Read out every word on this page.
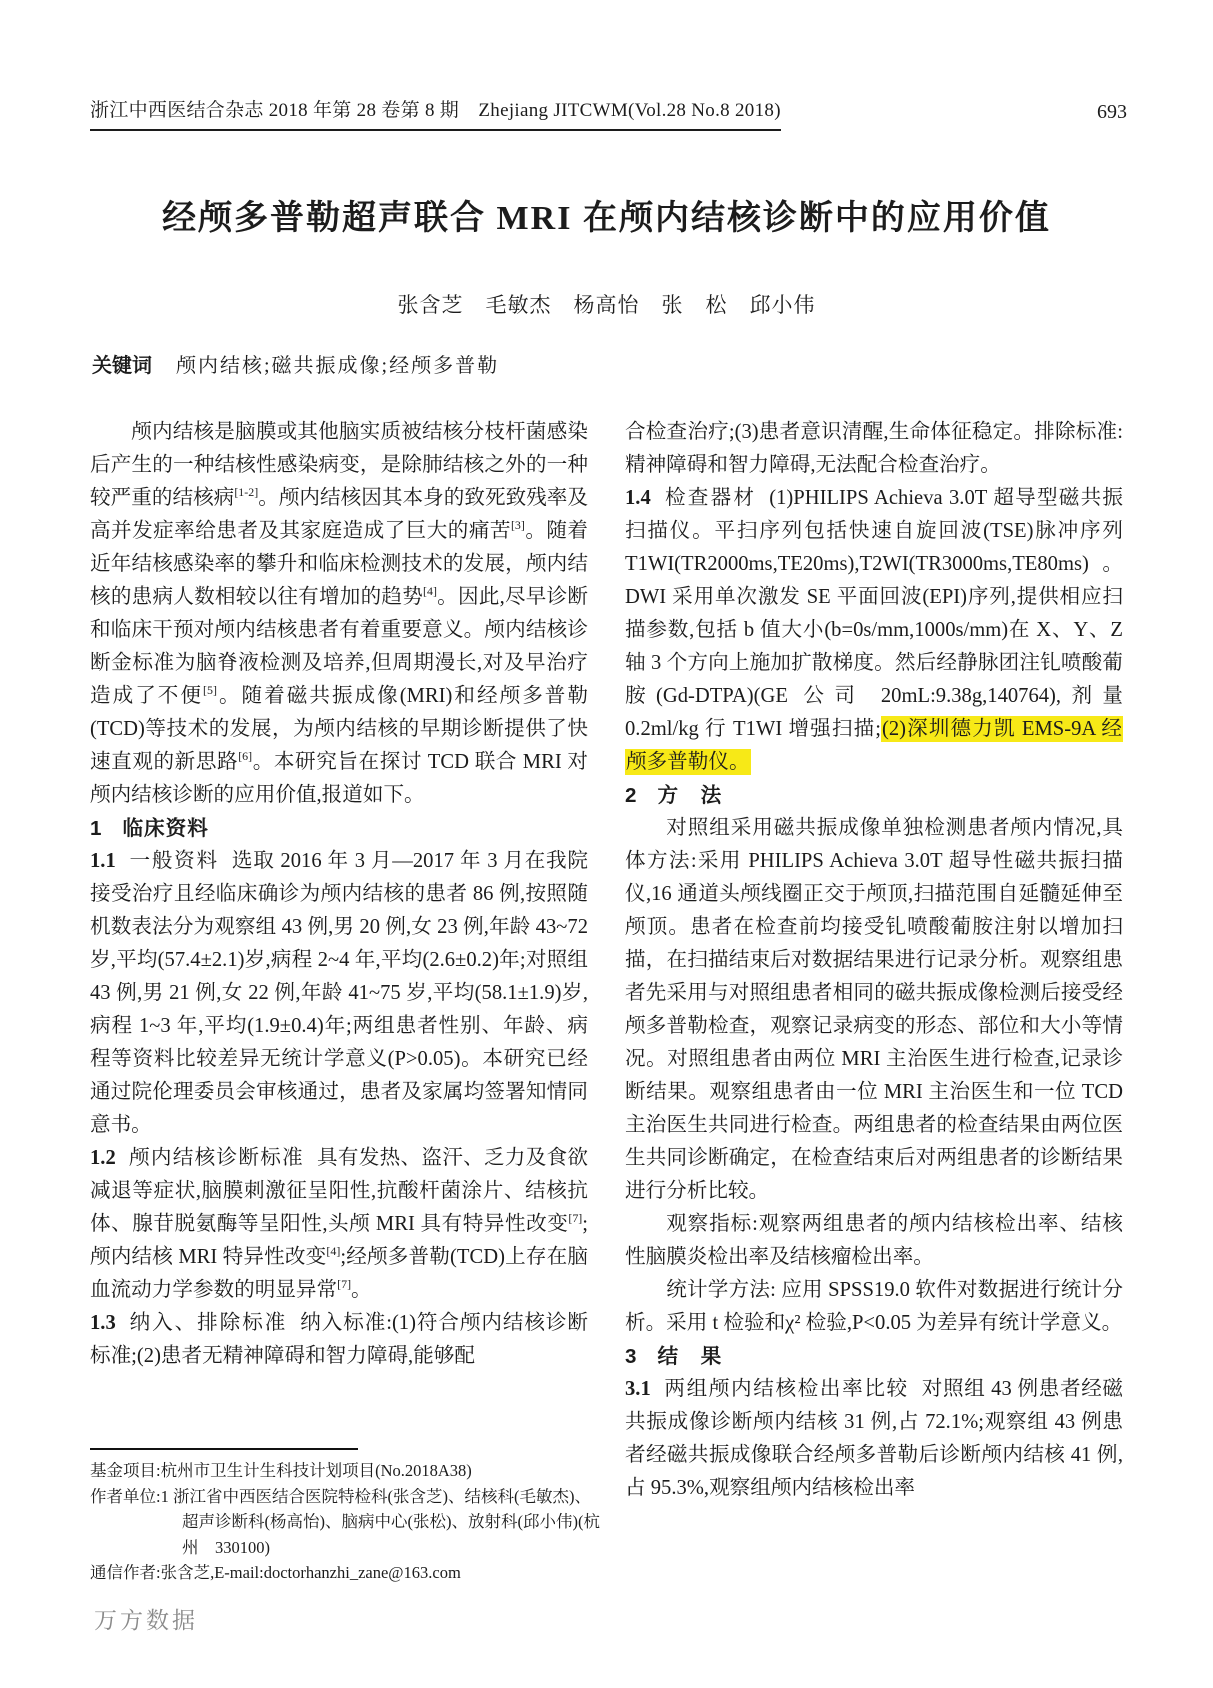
浙江中西医结合杂志 2018 年第 28 卷第 8 期　Zhejiang JITCWM(Vol.28 No.8 2018)	693
经颅多普勒超声联合 MRI 在颅内结核诊断中的应用价值
张含芝　毛敏杰　杨高怡　张　松　邱小伟
关键词 颅内结核;磁共振成像;经颅多普勒

颅内结核是脑膜或其他脑实质被结核分枝杆菌感染后产生的一种结核性感染病变，是除肺结核之外的一种较严重的结核病[1-2]。颅内结核因其本身的致死致残率及高并发症率给患者及其家庭造成了巨大的痛苦[3]。随着近年结核感染率的攀升和临床检测技术的发展，颅内结核的患病人数相较以往有增加的趋势[4]。因此,尽早诊断和临床干预对颅内结核患者有着重要意义。颅内结核诊断金标准为脑脊液检测及培养,但周期漫长,对及早治疗造成了不便[5]。随着磁共振成像(MRI)和经颅多普勒(TCD)等技术的发展，为颅内结核的早期诊断提供了快速直观的新思路[6]。本研究旨在探讨 TCD 联合 MRI 对颅内结核诊断的应用价值,报道如下。

1 临床资料

1.1 一般资料 选取 2016 年 3 月—2017 年 3 月在我院接受治疗且经临床确诊为颅内结核的患者 86 例,按照随机数表法分为观察组 43 例,男 20 例,女 23 例,年龄 43~72 岁,平均(57.4±2.1)岁,病程 2~4 年,平均(2.6±0.2)年;对照组 43 例,男 21 例,女 22 例,年龄 41~75 岁,平均(58.1±1.9)岁,病程 1~3 年,平均(1.9±0.4)年;两组患者性别、年龄、病程等资料比较差异无统计学意义(P>0.05)。本研究已经通过院伦理委员会审核通过，患者及家属均签署知情同意书。

1.2 颅内结核诊断标准 具有发热、盗汗、乏力及食欲减退等症状,脑膜刺激征呈阳性,抗酸杆菌涂片、结核抗体、腺苷脱氨酶等呈阳性,头颅 MRI 具有特异性改变[7];颅内结核 MRI 特异性改变[4];经颅多普勒(TCD)上存在脑血流动力学参数的明显异常[7]。

1.3 纳入、排除标准 纳入标准:(1)符合颅内结核诊断标准;(2)患者无精神障碍和智力障碍,能够配

合检查治疗;(3)患者意识清醒,生命体征稳定。排除标准:精神障碍和智力障碍,无法配合检查治疗。

1.4 检查器材 (1)PHILIPS Achieva 3.0T 超导型磁共振扫描仪。平扫序列包括快速自旋回波(TSE)脉冲序列 T1WI(TR2000ms,TE20ms),T2WI(TR3000ms,TE80ms)。DWI 采用单次激发 SE 平面回波(EPI)序列,提供相应扫描参数,包括 b 值大小(b=0s/mm,1000s/mm)在 X、Y、Z　轴 3 个方向上施加扩散梯度。然后经静脉团注钆喷酸葡胺(Gd-DTPA)(GE 公司 20mL:9.38g,140764),剂量 0.2ml/kg 行 T1WI 增强扫描;(2)深圳德力凯 EMS-9A 经颅多普勒仪。

2 方　法

对照组采用磁共振成像单独检测患者颅内情况,具体方法:采用 PHILIPS Achieva 3.0T 超导性磁共振扫描仪,16 通道头颅线圈正交于颅顶,扫描范围自延髓延伸至颅顶。患者在检查前均接受钆喷酸葡胺注射以增加扫描，在扫描结束后对数据结果进行记录分析。观察组患者先采用与对照组患者相同的磁共振成像检测后接受经颅多普勒检查，观察记录病变的形态、部位和大小等情况。对照组患者由两位 MRI 主治医生进行检查,记录诊断结果。观察组患者由一位 MRI 主治医生和一位 TCD 主治医生共同进行检查。两组患者的检查结果由两位医生共同诊断确定，在检查结束后对两组患者的诊断结果进行分析比较。

观察指标:观察两组患者的颅内结核检出率、结核性脑膜炎检出率及结核瘤检出率。

统计学方法: 应用 SPSS19.0 软件对数据进行统计分析。采用 t 检验和χ² 检验,P<0.05 为差异有统计学意义。

3 结　果

3.1 两组颅内结核检出率比较 对照组 43 例患者经磁共振成像诊断颅内结核 31 例,占 72.1%;观察组 43 例患者经磁共振成像联合经颅多普勒后诊断颅内结核 41 例,占 95.3%,观察组颅内结核检出率

基金项目:杭州市卫生计生科技计划项目(No.2018A38)

作者单位:1 浙江省中西医结合医院特检科(张含芝)、结核科(毛敏杰)、超声诊断科(杨高怡)、脑病中心(张松)、放射科(邱小伟)(杭州　330100)

通信作者:张含芝,E-mail:doctorhanzhi_zane@163.com

万方数据
